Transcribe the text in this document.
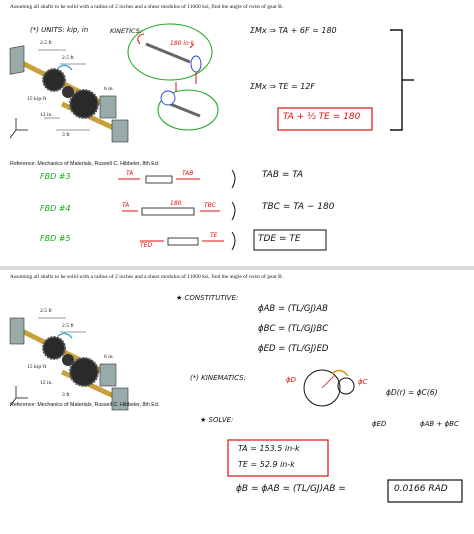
Assuming all shafts to be solid with a radius of 2 inches and a shear modulus of 11000 ksi, find the angle of twist of gear B.
2.5 ft
2.5 ft
6 in.
15 kip·ft
12 in.
3 ft
Reference: Mechanics of Materials, Russell C. Hibbeler, 8th Ed.
(*) UNITS: kip, in	KINETICS:
180 in·k
ΣMx ⇒ TA + 6F = 180
ΣMx ⇒ TE = 12F
TA + ½ TE = 180
FBD #3
FBD #4
FBD #5
TA	TAB
TA	180	TBC
TED
TE
TAB = TA
TBC = TA − 180
TDE = TE
Assuming all shafts to be solid with a radius of 2 inches and a shear modulus of 11000 ksi, find the angle of twist of gear B.
2.5 ft
2.5 ft
6 in.
15 kip·ft
12 in.
3 ft
Reference: Mechanics of Materials, Russell C. Hibbeler, 8th Ed.
★ CONSTITUTIVE:
ϕAB = (TL/GJ)AB
ϕBC = (TL/GJ)BC
ϕED = (TL/GJ)ED
(*) KINEMATICS:	ϕD	ϕC
ϕD(r) = ϕC(6)
ϕED	ϕAB + ϕBC
★ SOLVE:
TA = 153.5 in-k
TE = 52.9 in-k
ϕB = ϕAB = (TL/GJ)AB =	0.0166 RAD
